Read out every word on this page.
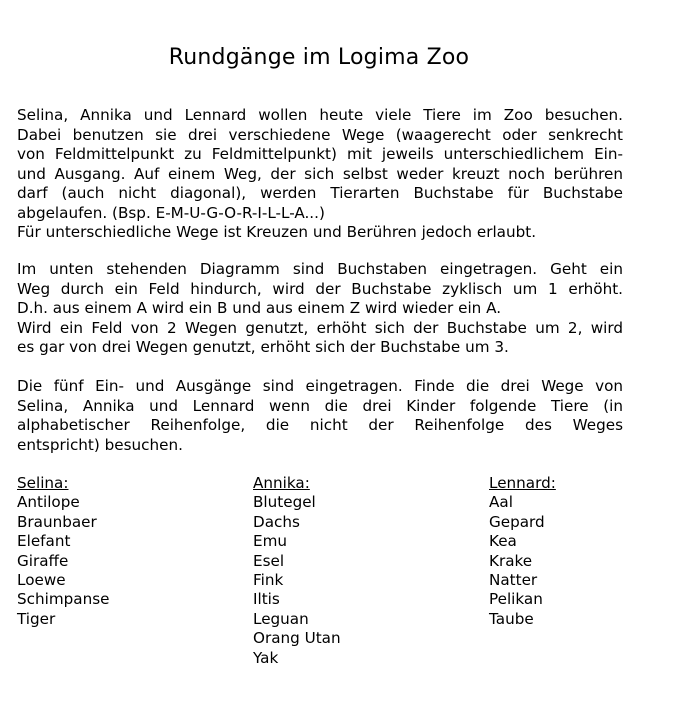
Rundgänge im Logima Zoo
Selina, Annika und Lennard wollen heute viele Tiere im Zoo besuchen.
Dabei benutzen sie drei verschiedene Wege (waagerecht oder senkrecht
von Feldmittelpunkt zu Feldmittelpunkt) mit jeweils unterschiedlichem Ein-
und Ausgang. Auf einem Weg, der sich selbst weder kreuzt noch berühren
darf (auch nicht diagonal), werden Tierarten Buchstabe für Buchstabe
abgelaufen. (Bsp. E-M-U-G-O-R-I-L-L-A...)
Für unterschiedliche Wege ist Kreuzen und Berühren jedoch erlaubt.
Im unten stehenden Diagramm sind Buchstaben eingetragen. Geht ein
Weg durch ein Feld hindurch, wird der Buchstabe zyklisch um 1 erhöht.
D.h. aus einem A wird ein B und aus einem Z wird wieder ein A.
Wird ein Feld von 2 Wegen genutzt, erhöht sich der Buchstabe um 2, wird
es gar von drei Wegen genutzt, erhöht sich der Buchstabe um 3.
Die fünf Ein- und Ausgänge sind eingetragen. Finde die drei Wege von
Selina, Annika und Lennard wenn die drei Kinder folgende Tiere (in
alphabetischer Reihenfolge, die nicht der Reihenfolge des Weges
entspricht) besuchen.
Selina:
Antilope
Braunbaer
Elefant
Giraffe
Loewe
Schimpanse
Tiger
Annika:
Blutegel
Dachs
Emu
Esel
Fink
Iltis
Leguan
Orang Utan
Yak
Lennard:
Aal
Gepard
Kea
Krake
Natter
Pelikan
Taube
